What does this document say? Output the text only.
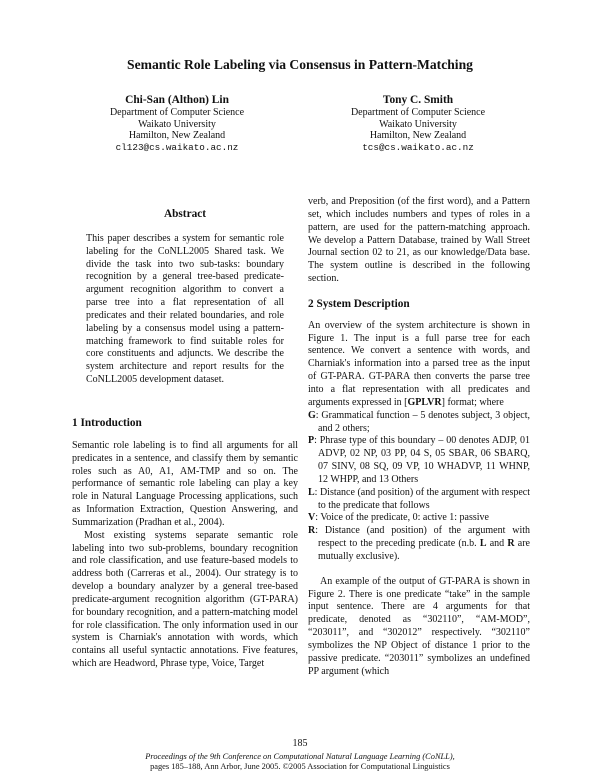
Semantic Role Labeling via Consensus in Pattern-Matching
Chi-San (Althon) Lin
Department of Computer Science
Waikato University
Hamilton, New Zealand
cl123@cs.waikato.ac.nz
Tony C. Smith
Department of Computer Science
Waikato University
Hamilton, New Zealand
tcs@cs.waikato.ac.nz
Abstract

This paper describes a system for semantic role labeling for the CoNLL2005 Shared task. We divide the task into two sub-tasks: boundary recognition by a general tree-based predicate-argument recognition algorithm to convert a parse tree into a flat representation of all predicates and their related boundaries, and role labeling by a consensus model using a pattern-matching framework to find suitable roles for core constituents and adjuncts. We describe the system architecture and report results for the CoNLL2005 development dataset.

1 Introduction

Semantic role labeling is to find all arguments for all predicates in a sentence, and classify them by semantic roles such as A0, A1, AM-TMP and so on. The performance of semantic role labeling can play a key role in Natural Language Processing applications, such as Information Extraction, Question Answering, and Summarization (Pradhan et al., 2004).

Most existing systems separate semantic role labeling into two sub-problems, boundary recognition and role classification, and use feature-based models to address both (Carreras et al., 2004). Our strategy is to develop a boundary analyzer by a general tree-based predicate-argument recognition algorithm (GT-PARA) for boundary recognition, and a pattern-matching model for role classification. The only information used in our system is Charniak's annotation with words, which contains all useful syntactic annotations. Five features, which are Headword, Phrase type, Voice, Target

verb, and Preposition (of the first word), and a Pattern set, which includes numbers and types of roles in a pattern, are used for the pattern-matching approach. We develop a Pattern Database, trained by Wall Street Journal section 02 to 21, as our knowledge/Data base. The system outline is described in the following section.

2 System Description

An overview of the system architecture is shown in Figure 1. The input is a full parse tree for each sentence. We convert a sentence with words, and Charniak's information into a parsed tree as the input of GT-PARA. GT-PARA then converts the parse tree into a flat representation with all predicates and arguments expressed in [GPLVR] format; where

G: Grammatical function – 5 denotes subject, 3 object, and 2 others;

P: Phrase type of this boundary – 00 denotes ADJP, 01 ADVP, 02 NP, 03 PP, 04 S, 05 SBAR, 06 SBARQ, 07 SINV, 08 SQ, 09 VP, 10 WHADVP, 11 WHNP, 12 WHPP, and 13 Others

L: Distance (and position) of the argument with respect to the predicate that follows

V: Voice of the predicate, 0: active 1: passive

R: Distance (and position) of the argument with respect to the preceding predicate (n.b. L and R are mutually exclusive).

An example of the output of GT-PARA is shown in Figure 2. There is one predicate “take” in the sample input sentence. There are 4 arguments for that predicate, denoted as “302110”, “AM-MOD”, “203011”, and “302012” respectively. “302110” symbolizes the NP Object of distance 1 prior to the passive predicate. “203011” symbolizes an undefined PP argument (which

185
Proceedings of the 9th Conference on Computational Natural Language Learning (CoNLL),
pages 185–188, Ann Arbor, June 2005. ©2005 Association for Computational Linguistics
